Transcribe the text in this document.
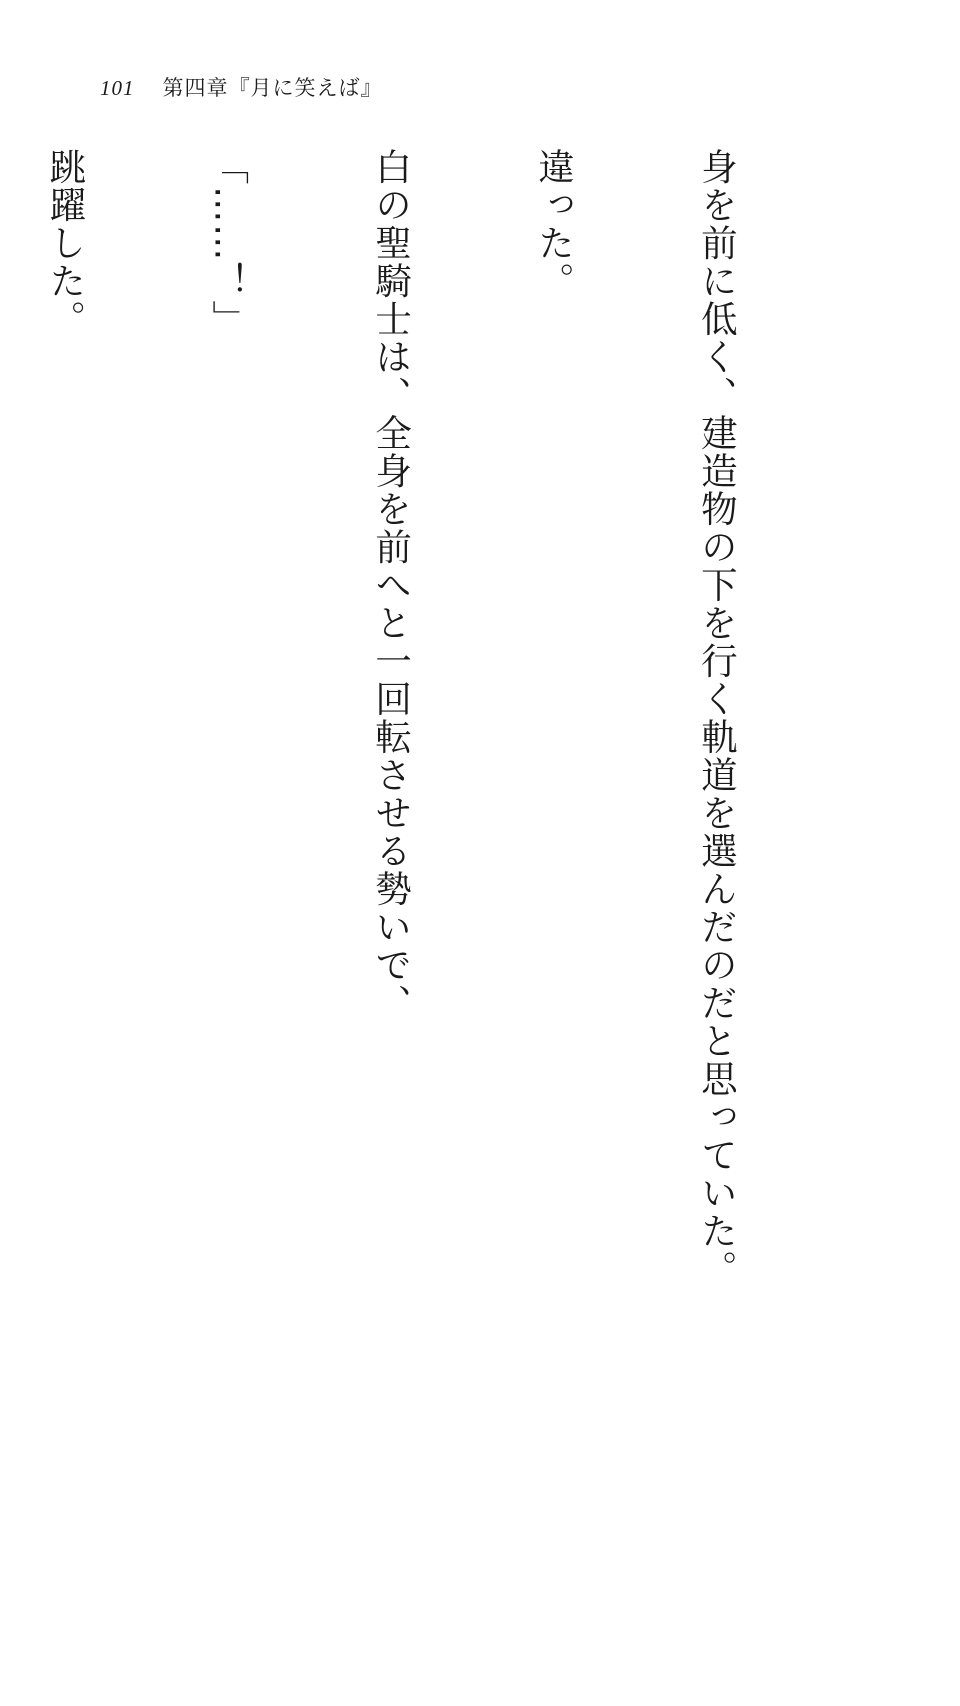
101 第四章『月に笑えば』

身を前に低く、建造物の下を行く軌道を選んだのだと思っていた。

違った。

白の聖騎士は、全身を前へと一回転させる勢いで、

「……！」

跳躍した。
